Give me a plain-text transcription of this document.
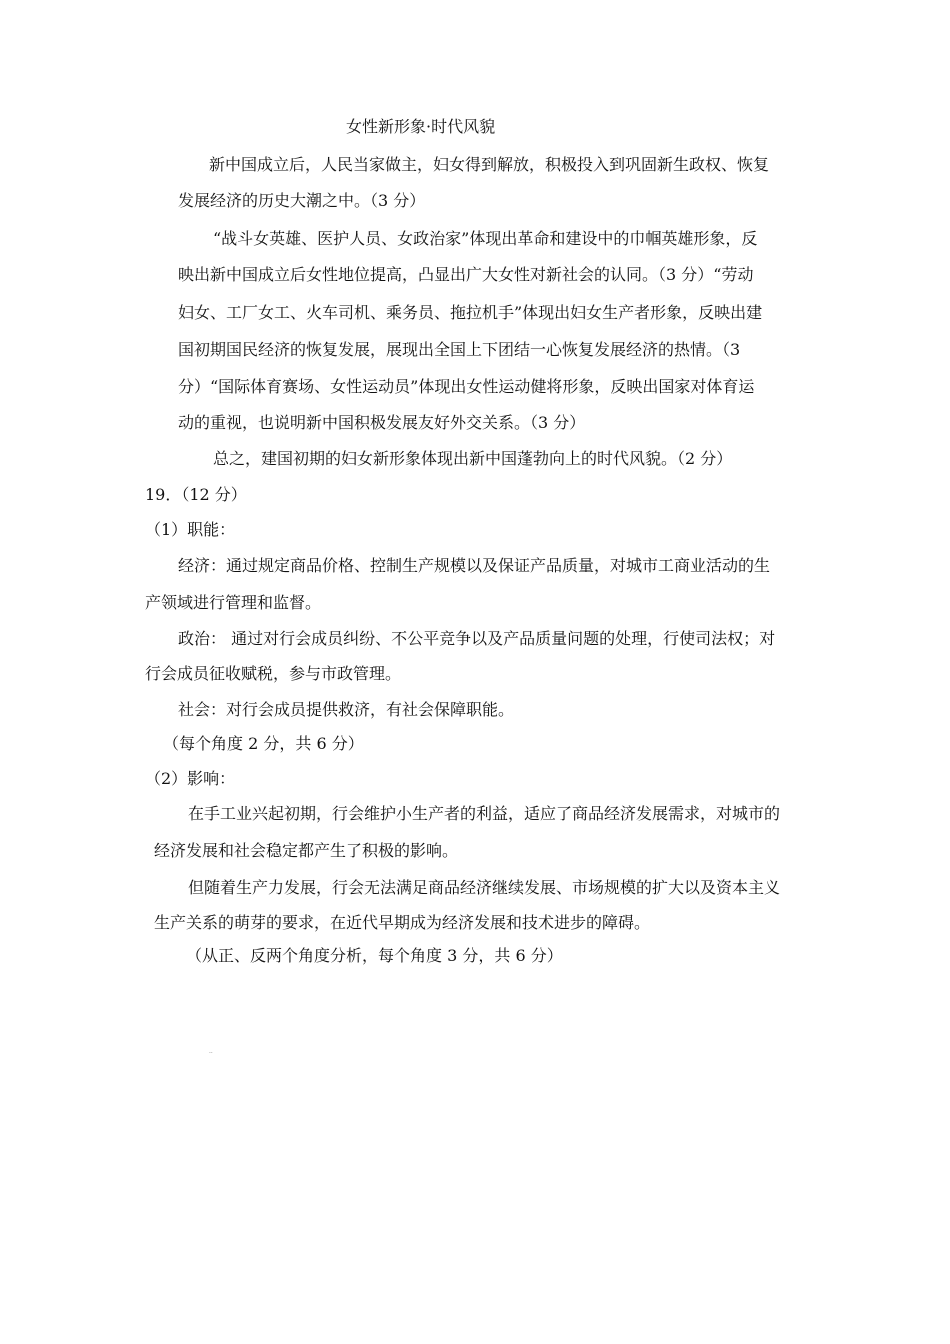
女性新形象·时代风貌
新中国成立后，人民当家做主，妇女得到解放，积极投入到巩固新生政权、恢复
发展经济的历史大潮之中。（3 分）
“战斗女英雄、医护人员、女政治家”体现出革命和建设中的巾帼英雄形象，反
映出新中国成立后女性地位提高，凸显出广大女性对新社会的认同。（3 分）“劳动
妇女、工厂女工、火车司机、乘务员、拖拉机手”体现出妇女生产者形象，反映出建
国初期国民经济的恢复发展，展现出全国上下团结一心恢复发展经济的热情。（3
分）“国际体育赛场、女性运动员”体现出女性运动健将形象，反映出国家对体育运
动的重视，也说明新中国积极发展友好外交关系。（3 分）
总之，建国初期的妇女新形象体现出新中国蓬勃向上的时代风貌。（2 分）
19．（12 分）
（1）职能：
经济：通过规定商品价格、控制生产规模以及保证产品质量，对城市工商业活动的生
产领域进行管理和监督。
政治： 通过对行会成员纠纷、不公平竞争以及产品质量问题的处理，行使司法权；对
行会成员征收赋税，参与市政管理。
社会：对行会成员提供救济，有社会保障职能。
（每个角度 2 分，共 6 分）
（2）影响：
在手工业兴起初期，行会维护小生产者的利益，适应了商品经济发展需求，对城市的
经济发展和社会稳定都产生了积极的影响。
但随着生产力发展，行会无法满足商品经济继续发展、市场规模的扩大以及资本主义
生产关系的萌芽的要求，在近代早期成为经济发展和技术进步的障碍。
（从正、反两个角度分析，每个角度 3 分，共 6 分）
··
